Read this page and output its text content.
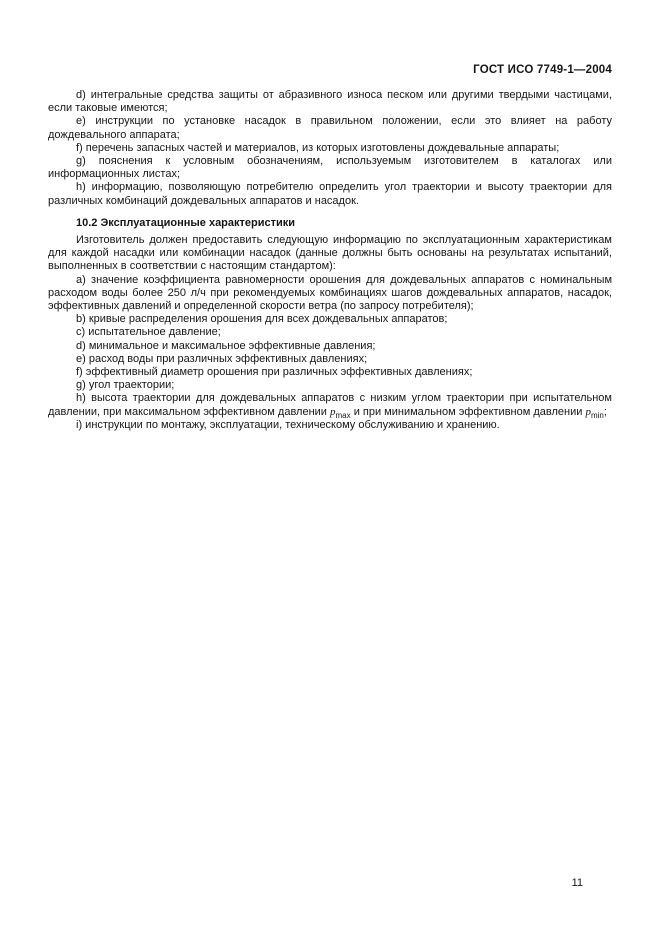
ГОСТ ИСО 7749-1—2004

d) интегральные средства защиты от абразивного износа песком или другими твердыми частицами, если таковые имеются;

e) инструкции по установке насадок в правильном положении, если это влияет на работу дождевального аппарата;

f) перечень запасных частей и материалов, из которых изготовлены дождевальные аппараты;

g) пояснения к условным обозначениям, используемым изготовителем в каталогах или информационных листах;

h) информацию, позволяющую потребителю определить угол траектории и высоту траектории для различных комбинаций дождевальных аппаратов и насадок.

10.2 Эксплуатационные характеристики

Изготовитель должен предоставить следующую информацию по эксплуатационным характеристикам для каждой насадки или комбинации насадок (данные должны быть основаны на результатах испытаний, выполненных в соответствии с настоящим стандартом):

a) значение коэффициента равномерности орошения для дождевальных аппаратов с номинальным расходом воды более 250 л/ч при рекомендуемых комбинациях шагов дождевальных аппаратов, насадок, эффективных давлений и определенной скорости ветра (по запросу потребителя);

b) кривые распределения орошения для всех дождевальных аппаратов;

c) испытательное давление;

d) минимальное и максимальное эффективные давления;

e) расход воды при различных эффективных давлениях;

f) эффективный диаметр орошения при различных эффективных давлениях;

g) угол траектории;

h) высота траектории для дождевальных аппаратов с низким углом траектории при испытательном давлении, при максимальном эффективном давлении $p_{max}$ и при минимальном эффективном давлении $p_{min}$;

i) инструкции по монтажу, эксплуатации, техническому обслуживанию и хранению.

11
